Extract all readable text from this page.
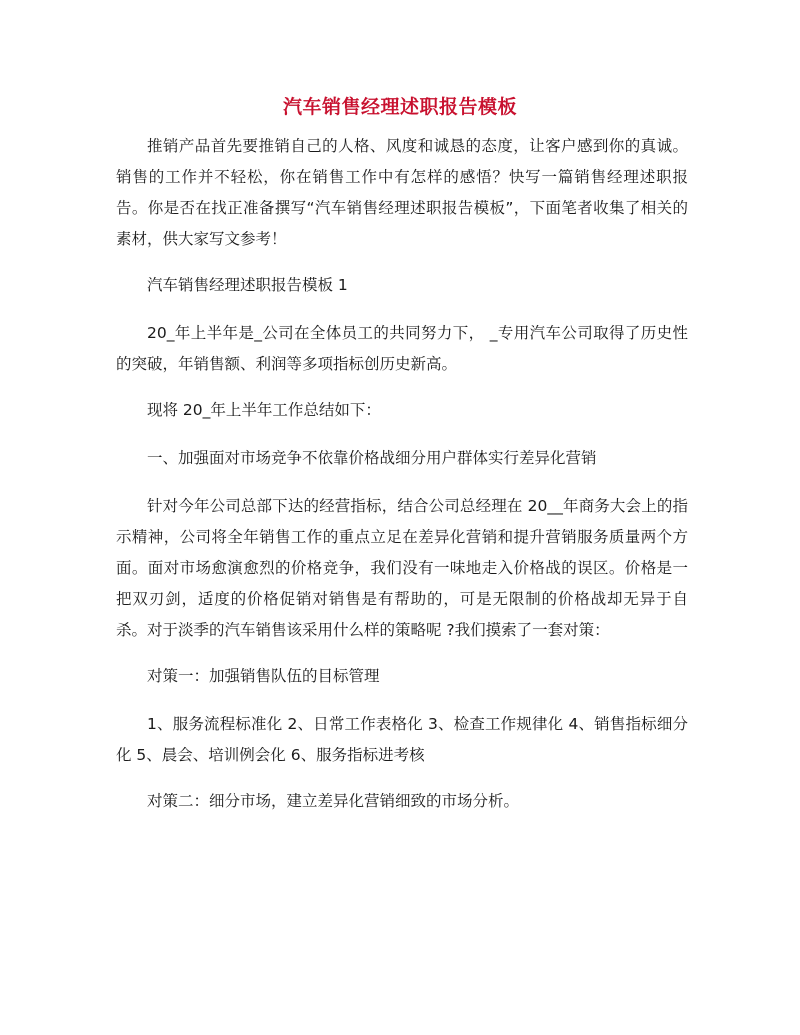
汽车销售经理述职报告模板

推销产品首先要推销自己的人格、风度和诚恳的态度，让客户感到你的真诚。销售的工作并不轻松，你在销售工作中有怎样的感悟？快写一篇销售经理述职报告。你是否在找正准备撰写“汽车销售经理述职报告模板”，下面笔者收集了相关的素材，供大家写文参考！

汽车销售经理述职报告模板 1

20_年上半年是_公司在全体员工的共同努力下， _专用汽车公司取得了历史性的突破，年销售额、利润等多项指标创历史新高。

现将 20_年上半年工作总结如下：

一、加强面对市场竞争不依靠价格战细分用户群体实行差异化营销

针对今年公司总部下达的经营指标，结合公司总经理在 20__年商务大会上的指示精神，公司将全年销售工作的重点立足在差异化营销和提升营销服务质量两个方面。面对市场愈演愈烈的价格竞争，我们没有一味地走入价格战的误区。价格是一把双刃剑，适度的价格促销对销售是有帮助的，可是无限制的价格战却无异于自杀。对于淡季的汽车销售该采用什么样的策略呢 ?我们摸索了一套对策：

对策一：加强销售队伍的目标管理

1、服务流程标准化 2、日常工作表格化 3、检查工作规律化 4、销售指标细分化 5、晨会、培训例会化 6、服务指标进考核

对策二：细分市场，建立差异化营销细致的市场分析。
